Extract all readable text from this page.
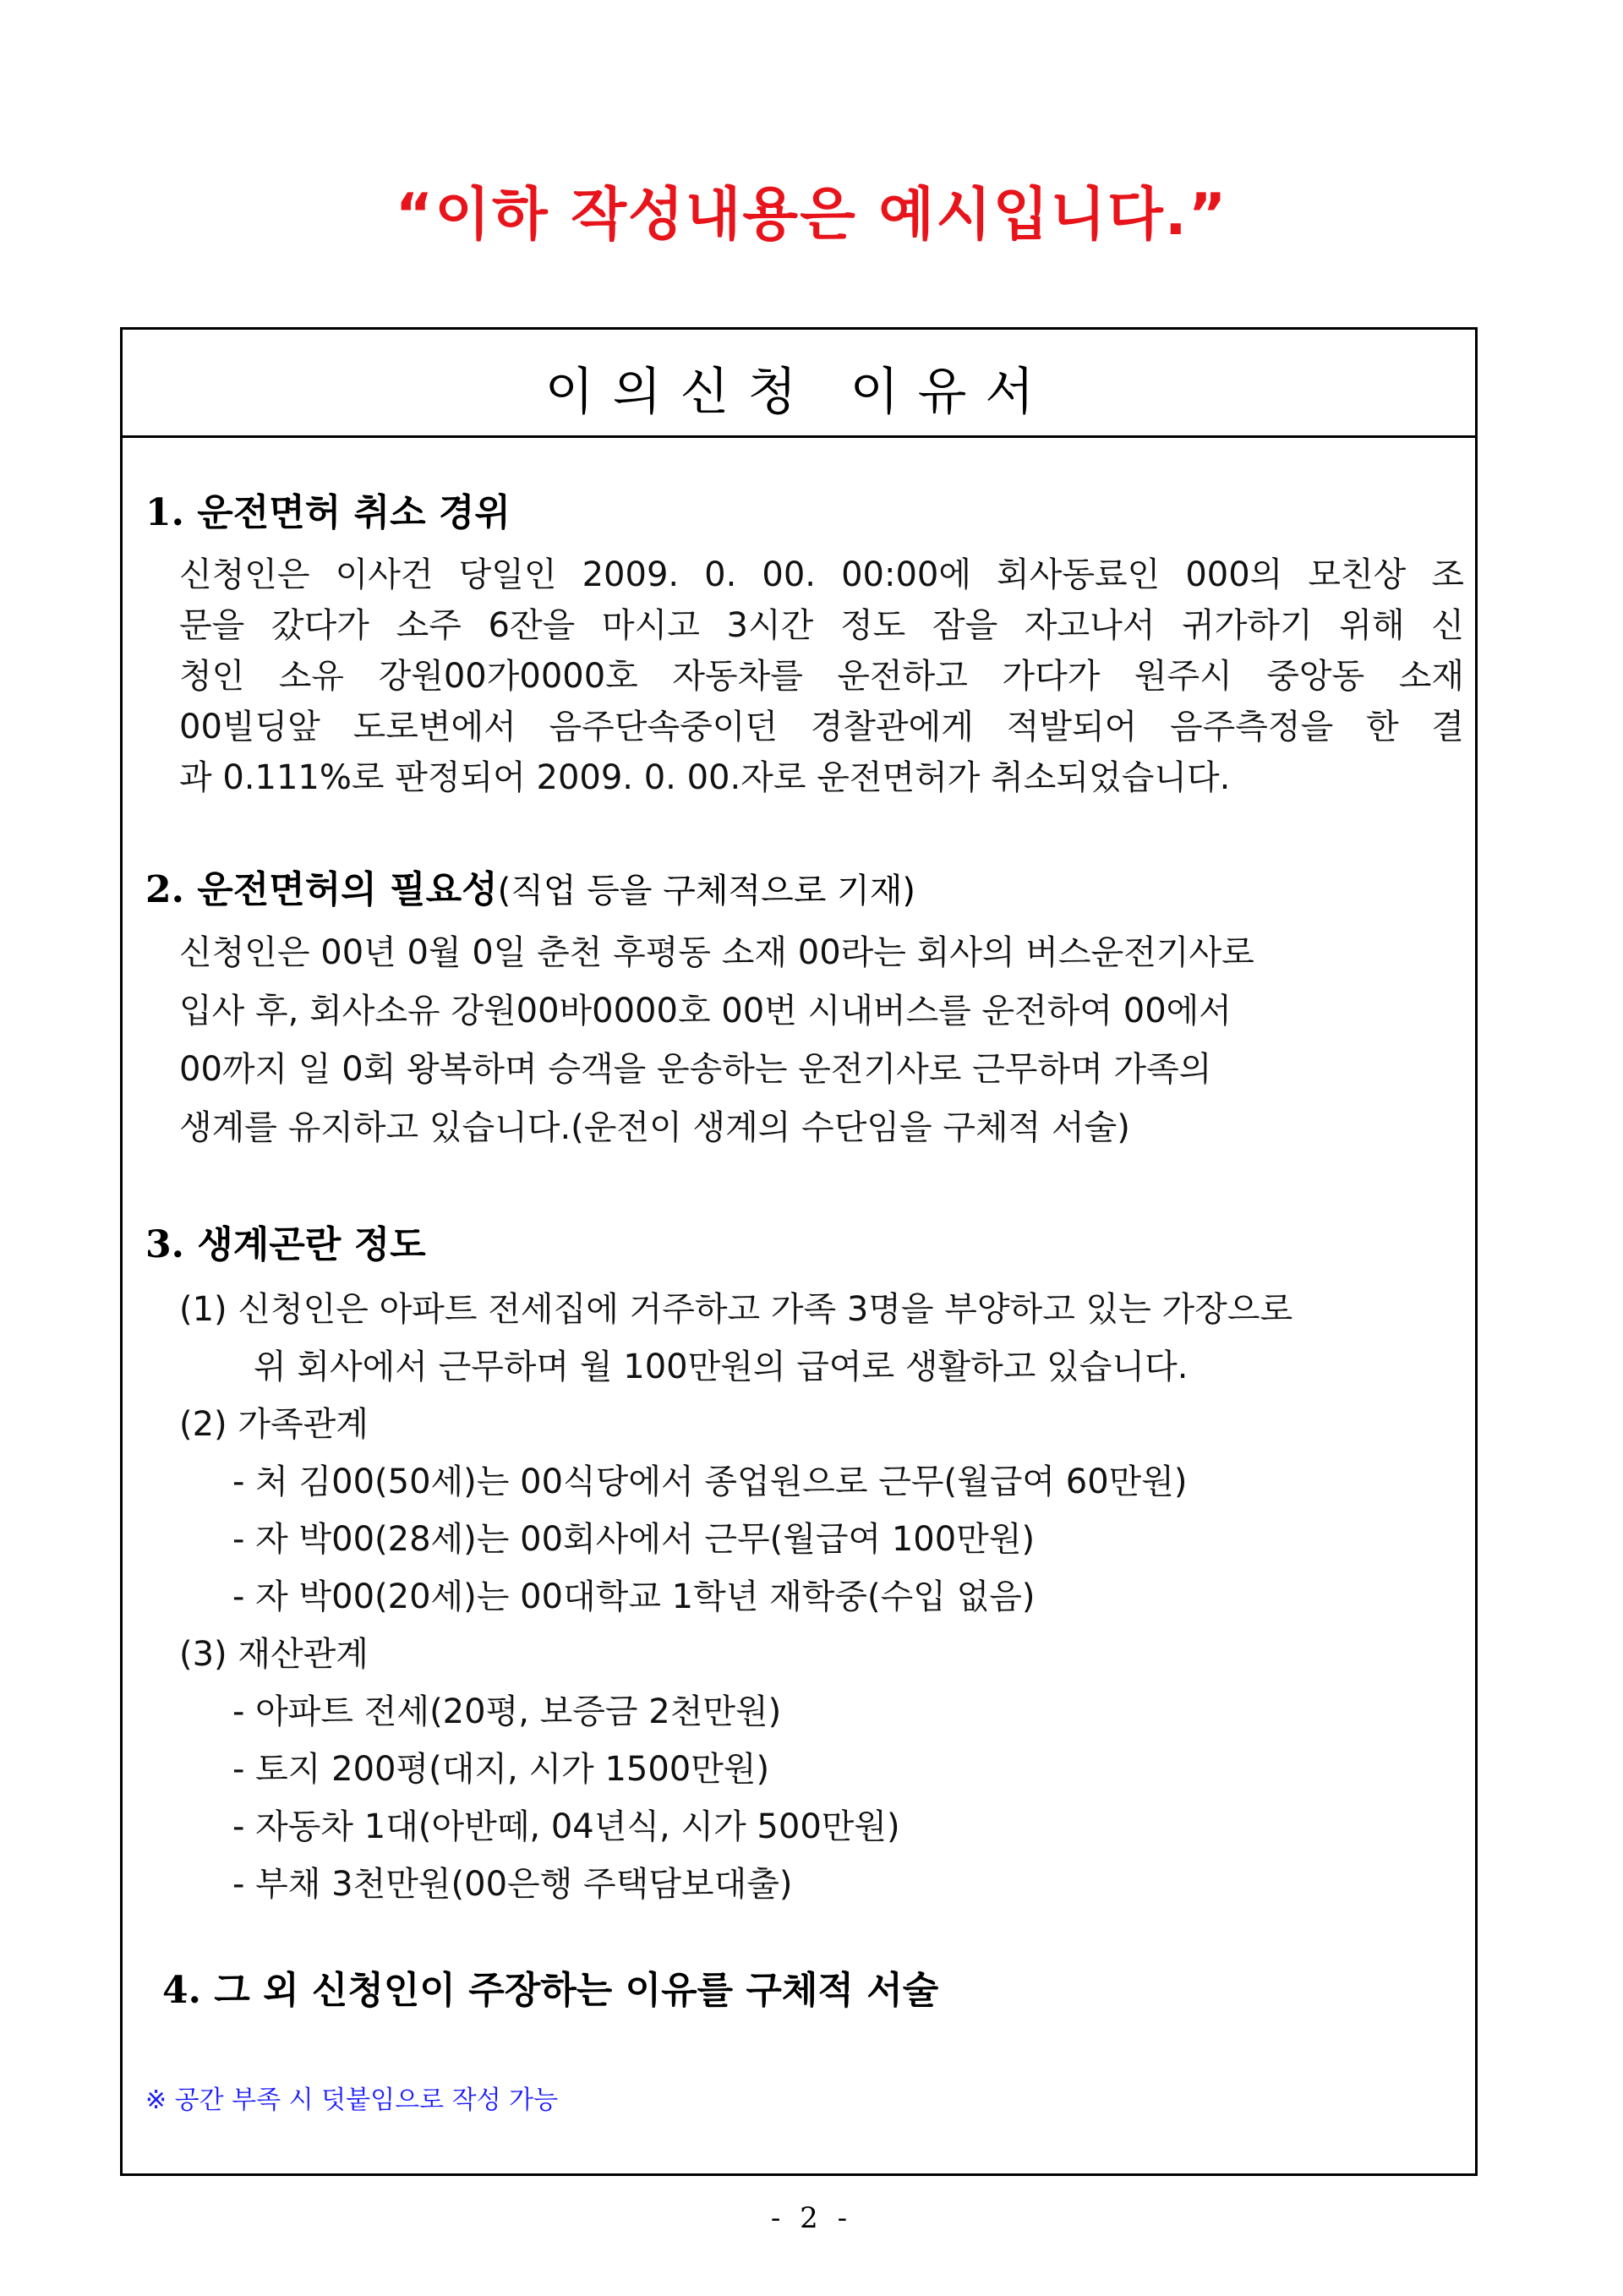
“이하 작성내용은 예시입니다.”
이의신청 이유서
1. 운전면허 취소 경위
신청인은 이사건 당일인 2009. 0. 00. 00:00에 회사동료인 000의 모친상 조
문을 갔다가 소주 6잔을 마시고 3시간 정도 잠을 자고나서 귀가하기 위해 신
청인 소유 강원00가0000호 자동차를 운전하고 가다가 원주시 중앙동 소재
00빌딩앞 도로변에서 음주단속중이던 경찰관에게 적발되어 음주측정을 한 결
과 0.111%로 판정되어 2009. 0. 00.자로 운전면허가 취소되었습니다.
2. 운전면허의 필요성(직업 등을 구체적으로 기재)
신청인은 00년 0월 0일 춘천 후평동 소재 00라는 회사의 버스운전기사로
입사 후, 회사소유 강원00바0000호 00번 시내버스를 운전하여 00에서
00까지 일 0회 왕복하며 승객을 운송하는 운전기사로 근무하며 가족의
생계를 유지하고 있습니다.(운전이 생계의 수단임을 구체적 서술)
3. 생계곤란 정도
(1) 신청인은 아파트 전세집에 거주하고 가족 3명을 부양하고 있는 가장으로
위 회사에서 근무하며 월 100만원의 급여로 생활하고 있습니다.
(2) 가족관계
- 처 김00(50세)는 00식당에서 종업원으로 근무(월급여 60만원)
- 자 박00(28세)는 00회사에서 근무(월급여 100만원)
- 자 박00(20세)는 00대학교 1학년 재학중(수입 없음)
(3) 재산관계
- 아파트 전세(20평, 보증금 2천만원)
- 토지 200평(대지, 시가 1500만원)
- 자동차 1대(아반떼, 04년식, 시가 500만원)
- 부채 3천만원(00은행 주택담보대출)
4. 그 외 신청인이 주장하는 이유를 구체적 서술
※ 공간 부족 시 덧붙임으로 작성 가능
- 2 -
